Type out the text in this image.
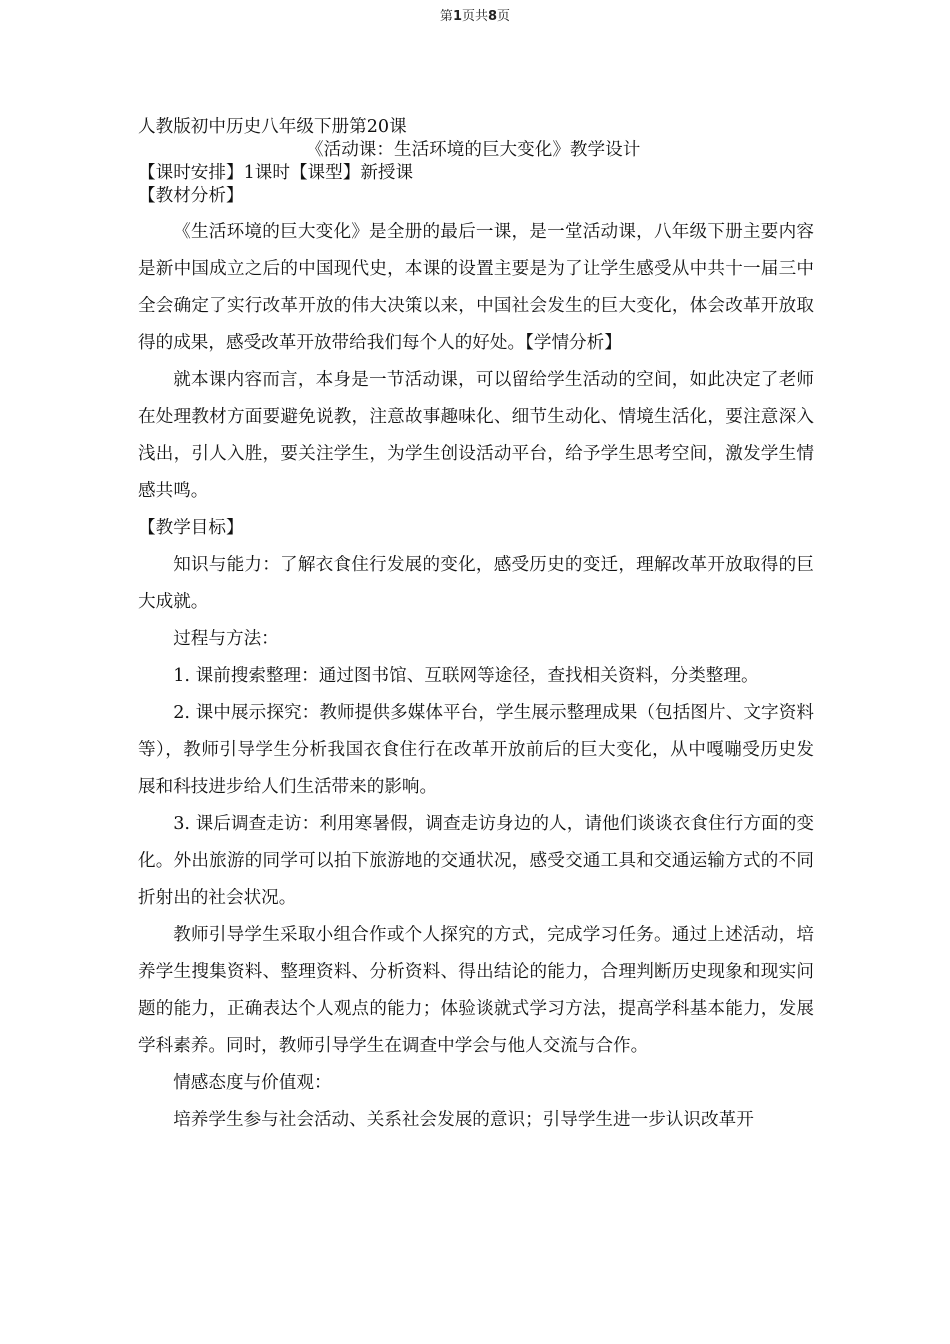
第1页共8页
人教版初中历史八年级下册第20课
《活动课：生活环境的巨大变化》教学设计
【课时安排】1课时【课型】新授课
【教材分析】

《生活环境的巨大变化》是全册的最后一课，是一堂活动课，八年级下册主要内容是新中国成立之后的中国现代史，本课的设置主要是为了让学生感受从中共十一届三中全会确定了实行改革开放的伟大决策以来，中国社会发生的巨大变化，体会改革开放取得的成果，感受改革开放带给我们每个人的好处。【学情分析】

就本课内容而言，本身是一节活动课，可以留给学生活动的空间，如此决定了老师在处理教材方面要避免说教，注意故事趣味化、细节生动化、情境生活化，要注意深入浅出，引人入胜，要关注学生，为学生创设活动平台，给予学生思考空间，激发学生情感共鸣。

【教学目标】

知识与能力：了解衣食住行发展的变化，感受历史的变迁，理解改革开放取得的巨大成就。

过程与方法：

1. 课前搜索整理：通过图书馆、互联网等途径，查找相关资料，分类整理。

2. 课中展示探究：教师提供多媒体平台，学生展示整理成果（包括图片、文字资料等），教师引导学生分析我国衣食住行在改革开放前后的巨大变化，从中嘎嘣受历史发展和科技进步给人们生活带来的影响。

3. 课后调查走访：利用寒暑假，调查走访身边的人，请他们谈谈衣食住行方面的变化。外出旅游的同学可以拍下旅游地的交通状况，感受交通工具和交通运输方式的不同折射出的社会状况。

教师引导学生采取小组合作或个人探究的方式，完成学习任务。通过上述活动，培养学生搜集资料、整理资料、分析资料、得出结论的能力，合理判断历史现象和现实问题的能力，正确表达个人观点的能力；体验谈就式学习方法，提高学科基本能力，发展学科素养。同时，教师引导学生在调查中学会与他人交流与合作。

情感态度与价值观：

培养学生参与社会活动、关系社会发展的意识；引导学生进一步认识改革开
